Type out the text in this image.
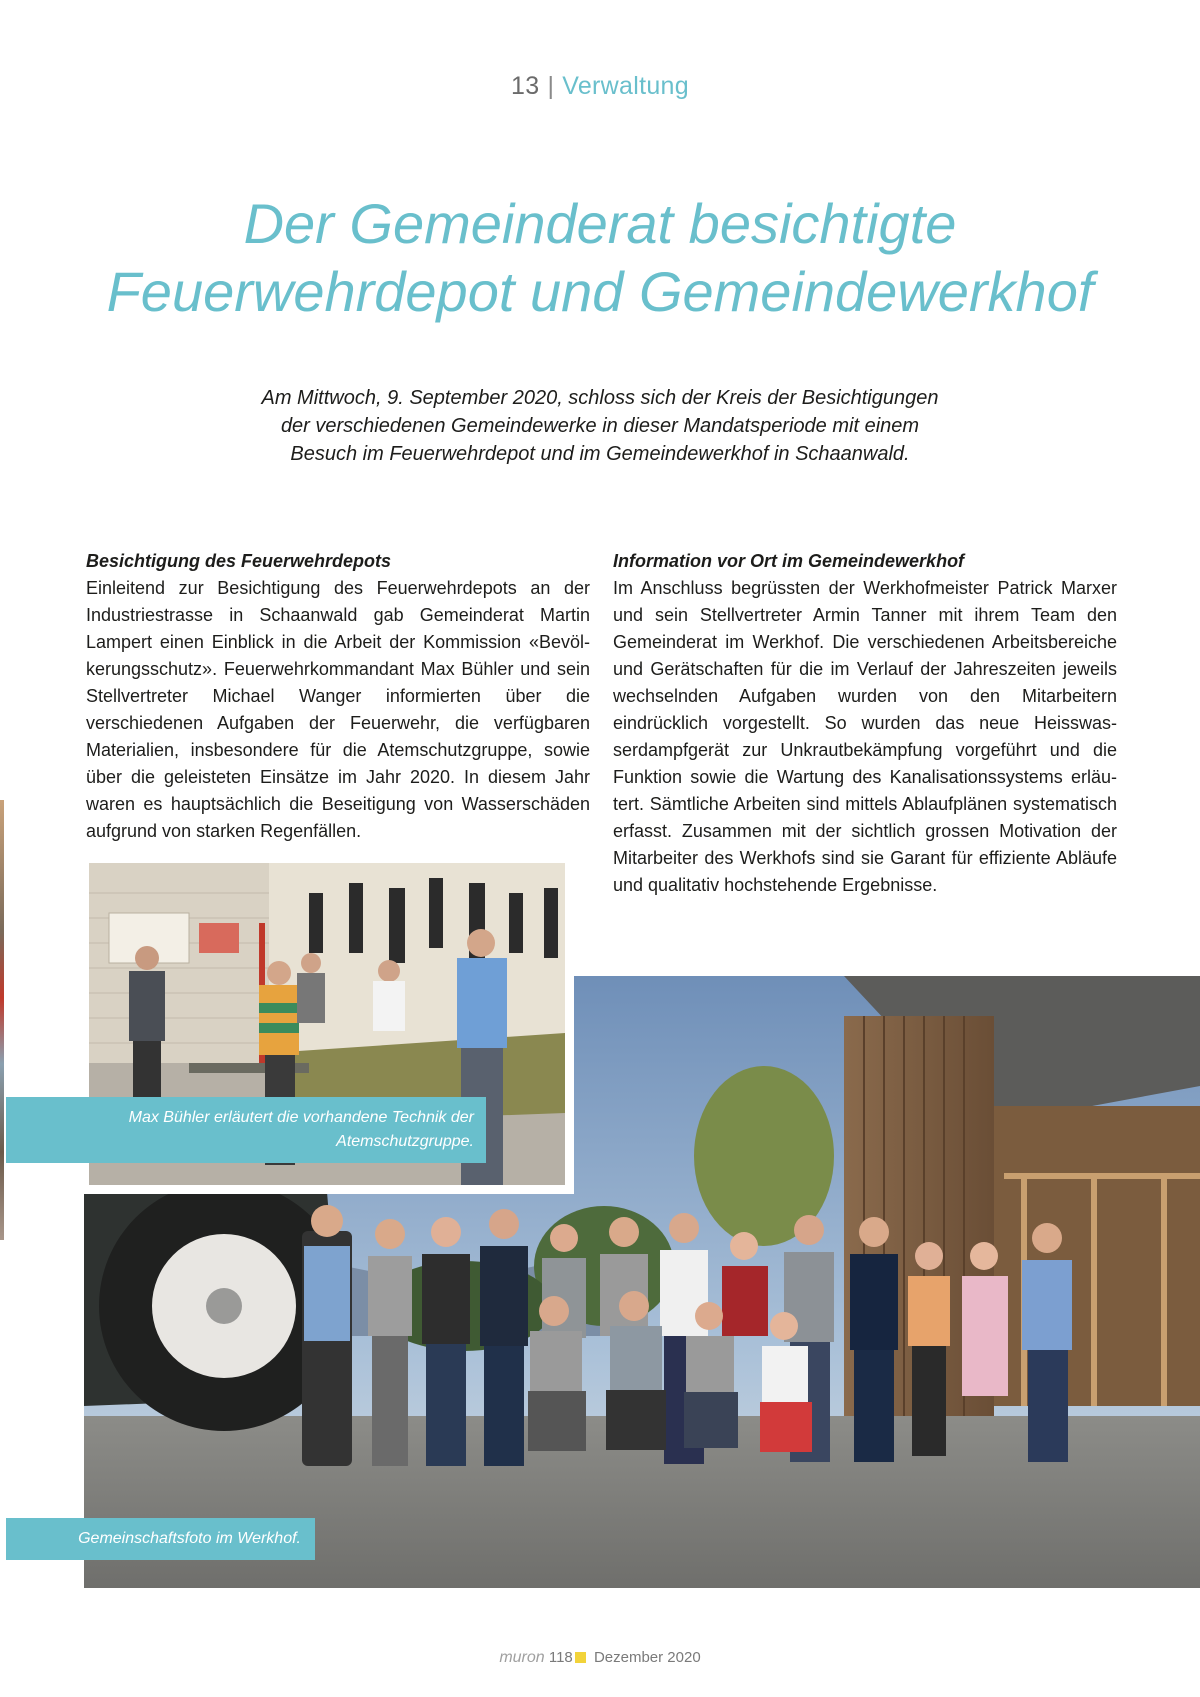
13 | Verwaltung
Der Gemeinderat besichtigte
Feuerwehrdepot und Gemeindewerkhof

Am Mittwoch, 9. September 2020, schloss sich der Kreis der Besichtigungen
der verschiedenen Gemeindewerke in dieser Mandatsperiode mit einem
Besuch im Feuerwehrdepot und im Gemeindewerkhof in Schaanwald.

Besichtigung des Feuerwehrdepots

Einleitend zur Besichtigung des Feuerwehrdepots an der Industriestrasse in Schaanwald gab Gemeinderat Martin Lampert einen Einblick in die Arbeit der Kommission «Bevölkerungsschutz». Feuerwehrkommandant Max Bühler und sein Stellvertreter Michael Wanger informierten über die verschiedenen Aufgaben der Feuerwehr, die verfügbaren Materialien, insbesondere für die Atemschutzgruppe, sowie über die geleisteten Einsätze im Jahr 2020. In diesem Jahr waren es hauptsächlich die Beseitigung von Wasserschäden aufgrund von starken Regenfällen.

Information vor Ort im Gemeindewerkhof

Im Anschluss begrüssten der Werkhofmeister Patrick Marxer und sein Stellvertreter Armin Tanner mit ihrem Team den Gemeinderat im Werkhof. Die verschiedenen Arbeitsbereiche und Gerätschaften für die im Verlauf der Jahreszeiten jeweils wechselnden Aufgaben wurden von den Mitarbeitern eindrücklich vorgestellt. So wurden das neue Heisswasserdampfgerät zur Unkrautbekämpfung vorgeführt und die Funktion sowie die Wartung des Kanalisationssystems erläutert. Sämtliche Arbeiten sind mittels Ablaufplänen systematisch erfasst. Zusammen mit der sichtlich grossen Motivation der Mitarbeiter des Werkhofs sind sie Garant für effiziente Abläufe und qualitativ hochstehende Ergebnisse.

Max Bühler erläutert die vorhandene Technik der
Atemschutzgruppe.
Gemeinschaftsfoto im Werkhof.
muron 118 Dezember 2020
